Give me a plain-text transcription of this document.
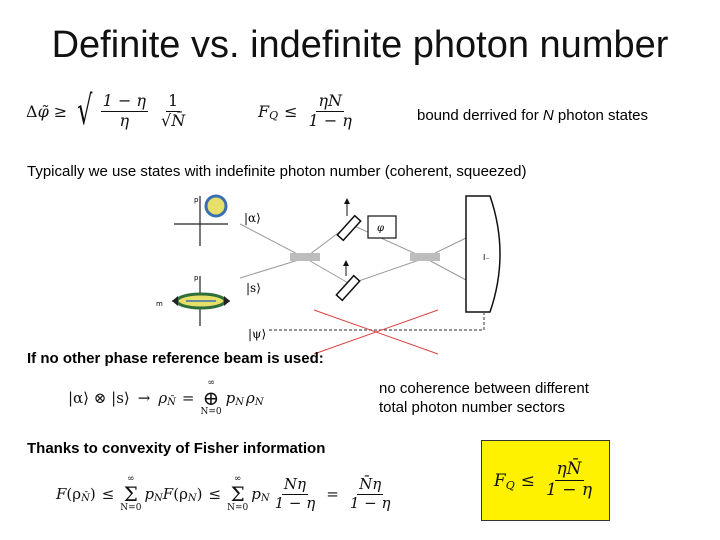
Definite vs. indefinite photon number
Δ φ̃ ≥ √ $\frac{1 - \eta}{\eta} \frac{1}{√N̄}$	F $Q \le \frac{\eta N}{1 - \eta}$	bound derrived for N photon states
Typically we use states with indefinite photon number (coherent, squeezed)
p
p
m
|α⟩
|s⟩
|ψ⟩
φ
I₋
If no other phase reference beam is used:
|α⟩ ⊗ |s⟩ → ρ N̄ =
∞
⊕
N=0
p N ρ N
no coherence between different
total photon number sectors
Thanks to convexity of Fisher information
F (ρ N̄ ) ≤
∞
Σ
N=0
p N F (ρ N ) ≤
∞
Σ
N=0
p N $\frac{N\eta}{1 - \eta} = \frac{N̄\eta}{1 - \eta}$	F $Q \le \frac{\eta N̄}{1 - \eta}$
